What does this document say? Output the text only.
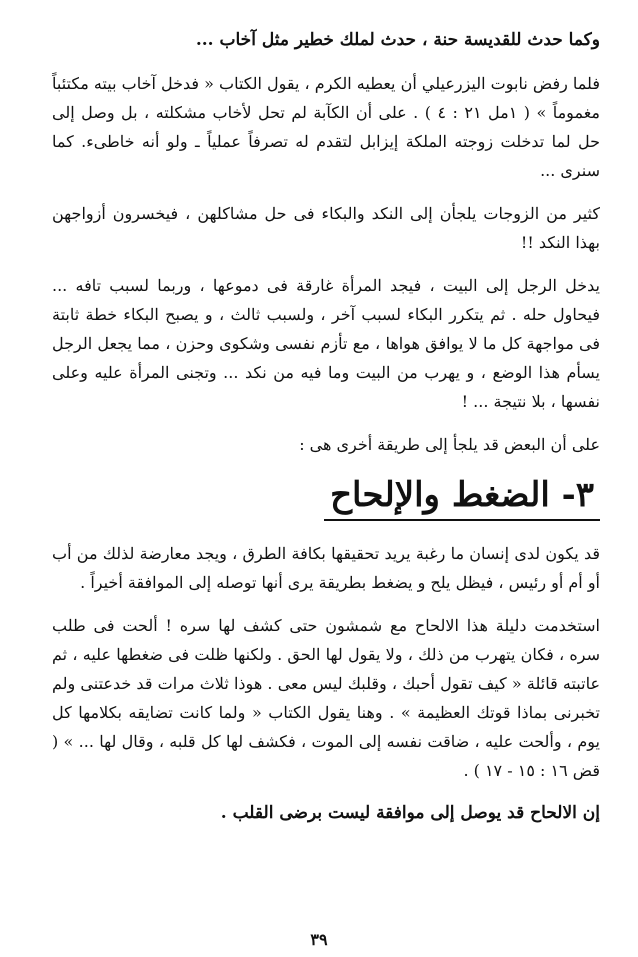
وكما حدث للقديسة حنة ، حدث لملك خطير مثل آخاب ...

فلما رفض نابوت اليزرعيلي أن يعطيه الكرم ، يقول الكتاب « فدخل آخاب بيته مكتئباً مغموماً » ( ١مل ٢١ : ٤ ) . على أن الكآبة لم تحل لأخاب مشكلته ، بل وصل إلى حل لما تدخلت زوجته الملكة إيزابل لتقدم له تصرفاً عملياً ـ ولو أنه خاطىء. كما سنرى ...

كثير من الزوجات يلجأن إلى النكد والبكاء فى حل مشاكلهن ، فيخسرون أزواجهن بهذا النكد !!

يدخل الرجل إلى البيت ، فيجد المرأة غارقة فى دموعها ، وربما لسبب تافه ... فيحاول حله . ثم يتكرر البكاء لسبب آخر ، ولسبب ثالث ، و يصبح البكاء خطة ثابتة فى مواجهة كل ما لا يوافق هواها ، مع تأزم نفسى وشكوى وحزن ، مما يجعل الرجل يسأم هذا الوضع ، و يهرب من البيت وما فيه من نكد ... وتجنى المرأة عليه وعلى نفسها ، بلا نتيجة ... !

على أن البعض قد يلجأ إلى طريقة أخرى هى :

٣- الضغط والإلحاح

قد يكون لدى إنسان ما رغبة يريد تحقيقها بكافة الطرق ، ويجد معارضة لذلك من أب أو أم أو رئيس ، فيظل يلح و يضغط بطريقة يرى أنها توصله إلى الموافقة أخيراً .

استخدمت دليلة هذا الالحاح مع شمشون حتى كشف لها سره ! ألحت فى طلب سره ، فكان يتهرب من ذلك ، ولا يقول لها الحق . ولكنها ظلت فى ضغطها عليه ، ثم عاتبته قائلة « كيف تقول أحبك ، وقلبك ليس معى . هوذا ثلاث مرات قد خدعتنى ولم تخبرنى بماذا قوتك العظيمة » . وهنا يقول الكتاب « ولما كانت تضايقه بكلامها كل يوم ، وألحت عليه ، ضاقت نفسه إلى الموت ، فكشف لها كل قلبه ، وقال لها ... » ( قض ١٦ : ١٥ - ١٧ ) .

إن الالحاح قد يوصل إلى موافقة ليست برضى القلب .

٣٩
